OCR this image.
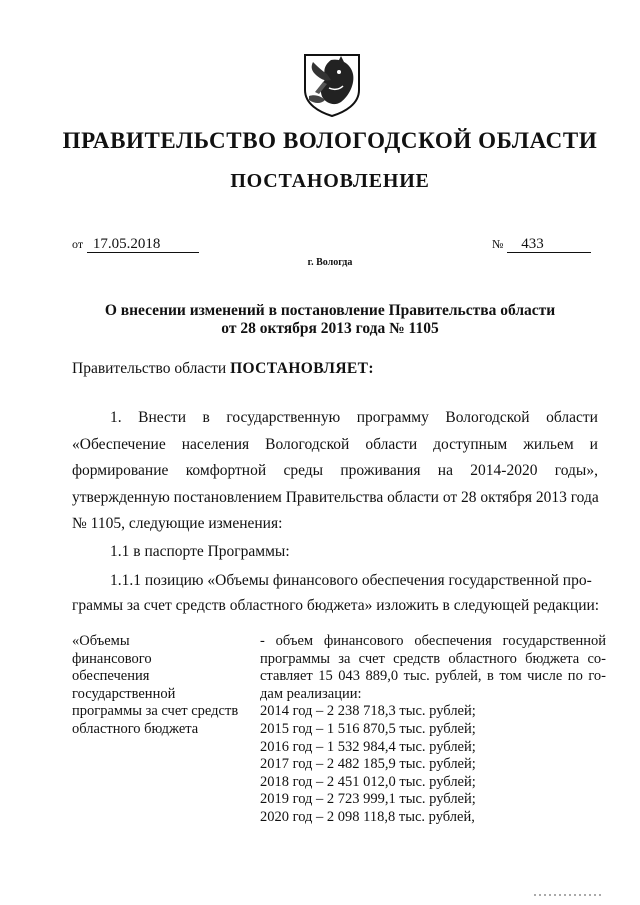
ПРАВИТЕЛЬСТВО ВОЛОГОДСКОЙ ОБЛАСТИ
ПОСТАНОВЛЕНИЕ
от 17.05.2018	№ 433
г. Вологда
О внесении изменений в постановление Правительства области
от 28 октября 2013 года № 1105
Правительство области ПОСТАНОВЛЯЕТ:
1. Внести в государственную программу Вологодской области
«Обеспечение населения Вологодской области доступным жильем и
формирование комфортной среды проживания на 2014-2020 годы»,
утвержденную постановлением Правительства области от 28 октября 2013 года
№ 1105, следующие изменения:
1.1 в паспорте Программы:
1.1.1 позицию «Объемы финансового обеспечения государственной про-
граммы за счет средств областного бюджета» изложить в следующей редакции:
«Объемы
финансового
обеспечения
государственной
программы за счет средств
областного бюджета
- объем финансового обеспечения государственной
программы за счет средств областного бюджета со-
ставляет 15 043 889,0 тыс. рублей, в том числе по го-
дам реализации:
2014 год – 2 238 718,3 тыс. рублей;
2015 год – 1 516 870,5 тыс. рублей;
2016 год – 1 532 984,4 тыс. рублей;
2017 год – 2 482 185,9 тыс. рублей;
2018 год – 2 451 012,0 тыс. рублей;
2019 год – 2 723 999,1 тыс. рублей;
2020 год – 2 098 118,8 тыс. рублей,
